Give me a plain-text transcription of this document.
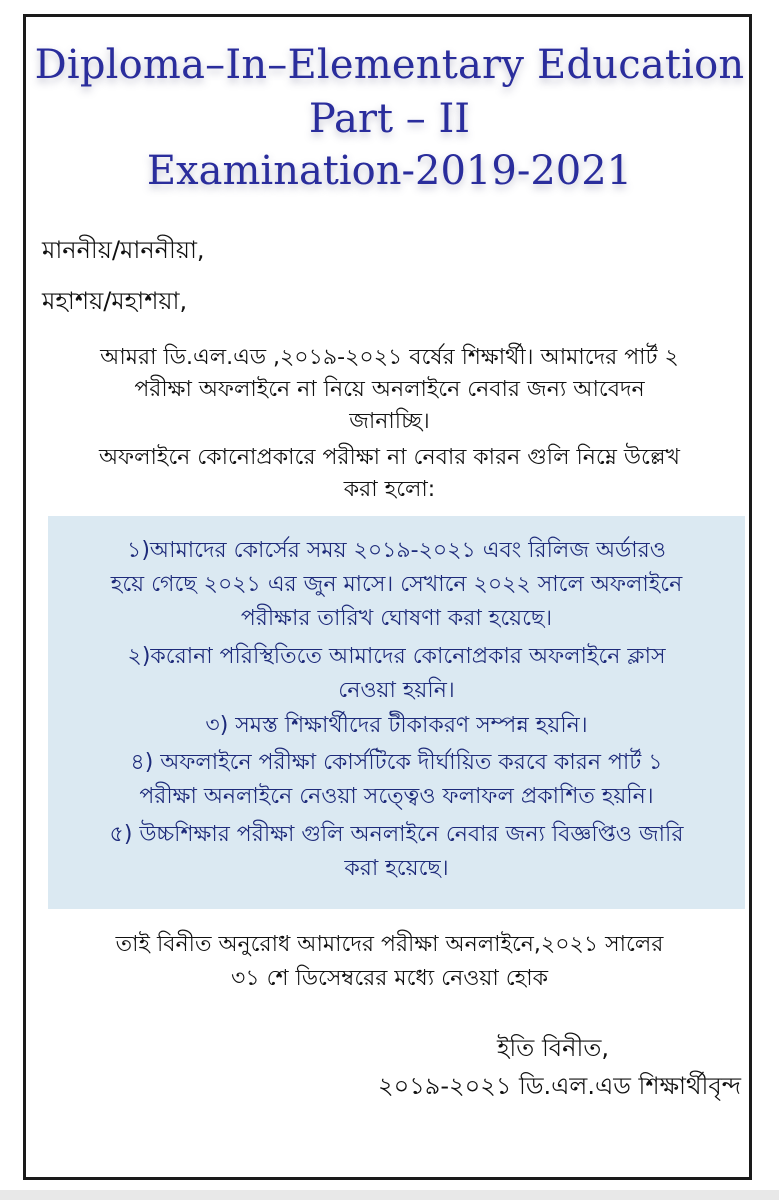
Diploma–In–Elementary Education
Part – II
Examination-2019-2021
মাননীয়/মাননীয়া,
মহাশয়/মহাশয়া,
আমরা ডি.এল.এড ,২০১৯-২০২১ বর্ষের শিক্ষার্থী। আমাদের পার্ট ২
পরীক্ষা অফলাইনে না নিয়ে অনলাইনে নেবার জন্য আবেদন
জানাচ্ছি।
অফলাইনে কোনোপ্রকারে পরীক্ষা না নেবার কারন গুলি নিম্নে উল্লেখ
করা হলো:
১)আমাদের কোর্সের সময় ২০১৯-২০২১ এবং রিলিজ অর্ডারও
হয়ে গেছে ২০২১ এর জুন মাসে। সেখানে ২০২২ সালে অফলাইনে
পরীক্ষার তারিখ ঘোষণা করা হয়েছে।
২)করোনা পরিস্থিতিতে আমাদের কোনোপ্রকার অফলাইনে ক্লাস
নেওয়া হয়নি।
৩) সমস্ত শিক্ষার্থীদের টীকাকরণ সম্পন্ন হয়নি।
৪) অফলাইনে পরীক্ষা কোর্সটিকে দীর্ঘায়িত করবে কারন পার্ট ১
পরীক্ষা অনলাইনে নেওয়া সত্ত্বেও ফলাফল প্রকাশিত হয়নি।
৫) উচ্চশিক্ষার পরীক্ষা গুলি অনলাইনে নেবার জন্য বিজ্ঞপ্তিও জারি
করা হয়েছে।
তাই বিনীত অনুরোধ আমাদের পরীক্ষা অনলাইনে,২০২১ সালের
৩১ শে ডিসেম্বরের মধ্যে নেওয়া হোক
ইতি বিনীত,
২০১৯-২০২১ ডি.এল.এড শিক্ষার্থীবৃন্দ
